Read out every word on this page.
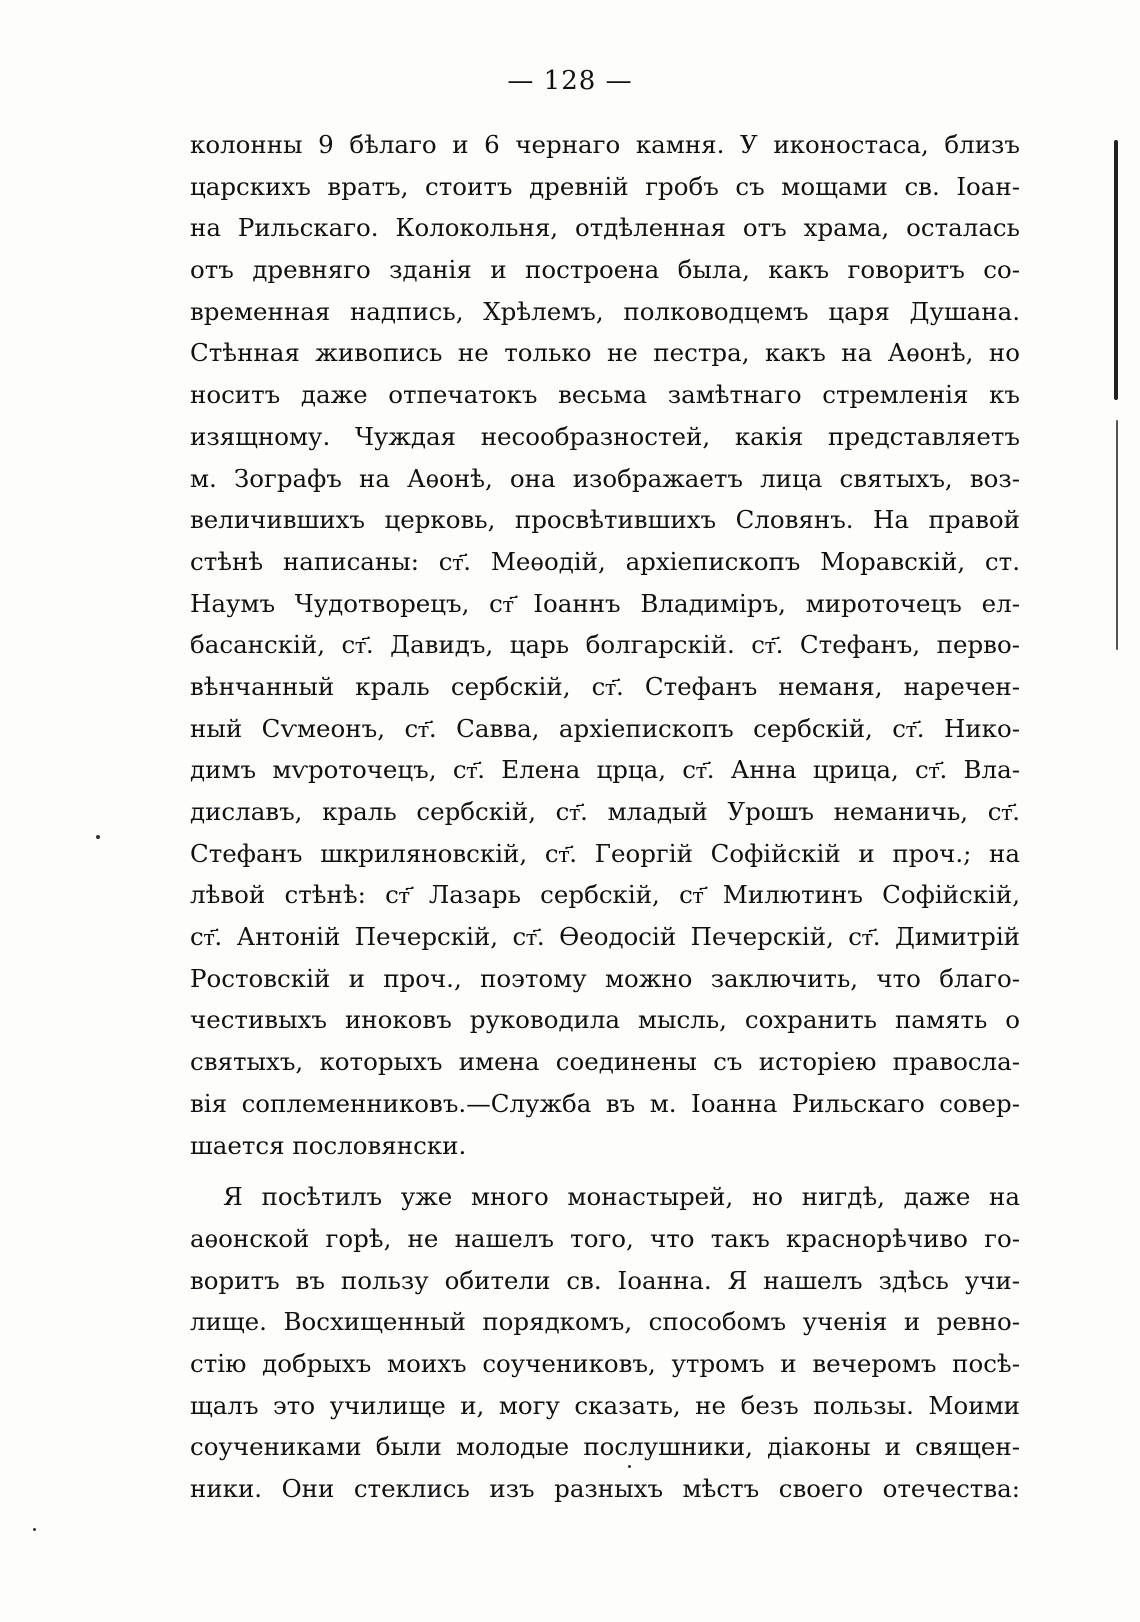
— 128 —
колонны 9 бѣлаго и 6 чернаго камня. У иконостаса, близъ
царскихъ вратъ, стоитъ древній гробъ съ мощами св. Іоан-
на Рильскаго. Колокольня, отдѣленная отъ храма, осталась
отъ древняго зданія и построена была, какъ говоритъ со-
временная надпись, Хрѣлемъ, полководцемъ царя Душана.
Стѣнная живопись не только не пестра, какъ на Аѳонѣ, но
носитъ даже отпечатокъ весьма замѣтнаго стремленія къ
изящному. Чуждая несообразностей, какія представляетъ
м. Зографъ на Аѳонѣ, она изображаетъ лица святыхъ, воз-
величившихъ церковь, просвѣтившихъ Словянъ. На правой
стѣнѣ написаны: ст҃. Меѳодій, архіепископъ Моравскій, ст.
Наумъ Чудотворецъ, ст҃ Іоаннъ Владиміръ, мироточецъ ел-
басанскій, ст҃. Давидъ, царь болгарскій. ст҃. Стефанъ, перво-
вѣнчанный краль сербскій, ст҃. Стефанъ неманя, наречен-
ный Сѵмеонъ, ст҃. Савва, архіепископъ сербскій, ст҃. Нико-
димъ мѵроточецъ, ст҃. Елена црца, ст҃. Анна црица, ст҃. Вла-
диславъ, краль сербскій, ст҃. младый Урошъ неманичь, ст҃.
Стефанъ шкриляновскій, ст҃. Георгій Софійскій и проч.; на
лѣвой стѣнѣ: ст҃ Лазарь сербскій, ст҃ Милютинъ Софійскій,
ст҃. Антоній Печерскій, ст҃. Ѳеодосій Печерскій, ст҃. Димитрій
Ростовскій и проч., поэтому можно заключить, что благо-
честивыхъ иноковъ руководила мысль, сохранить память о
святыхъ, которыхъ имена соединены съ исторіею правосла-
вія соплеменниковъ.—Служба въ м. Іоанна Рильскаго совер-
шается пословянски.
Я посѣтилъ уже много монастырей, но нигдѣ, даже на
аѳонской горѣ, не нашелъ того, что такъ краснорѣчиво го-
воритъ въ пользу обители св. Іоанна. Я нашелъ здѣсь учи-
лище. Восхищенный порядкомъ, способомъ ученія и ревно-
стію добрыхъ моихъ соучениковъ, утромъ и вечеромъ посѣ-
щалъ это училище и, могу сказать, не безъ пользы. Моими
соучениками были молодые послушники, діаконы и священ-
ники. Они стеклись изъ разныхъ мѣстъ своего отечества:
